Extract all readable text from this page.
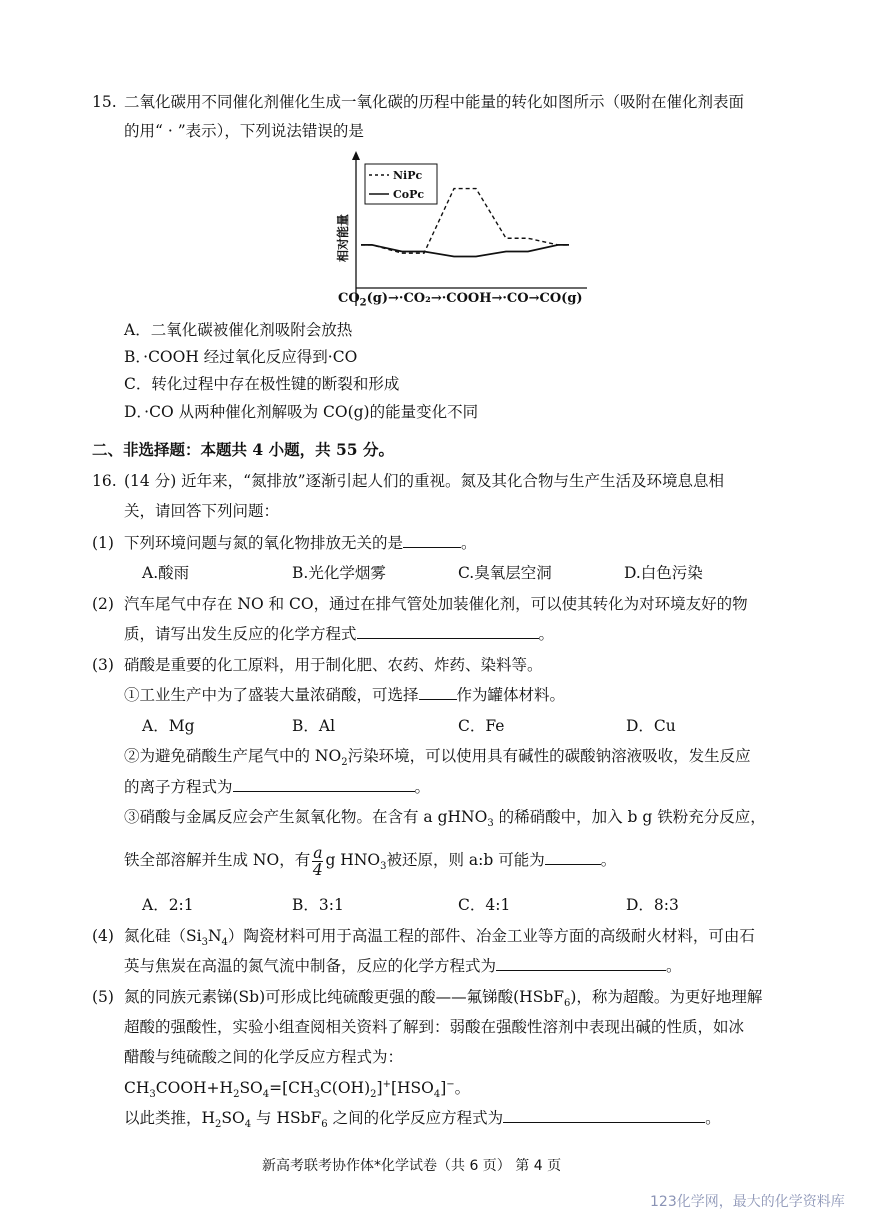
15. 二氧化碳用不同催化剂催化生成一氧化碳的历程中能量的转化如图所示（吸附在催化剂表面
的用“ · ”表示），下列说法错误的是
相对能量
NiPc
CoPc
$CO_2(g)\to\cdot CO_2\to\cdot COOH\to\cdot CO\to CO(g)$
A．二氧化碳被催化剂吸附会放热
B．·COOH 经过氧化反应得到·CO
C．转化过程中存在极性键的断裂和形成
D．·CO 从两种催化剂解吸为 CO(g)的能量变化不同
二、非选择题：本题共 4 小题，共 55 分。
16. (14 分) 近年来，“氮排放”逐渐引起人们的重视。氮及其化合物与生产生活及环境息息相
关，请回答下列问题：
(1) 下列环境问题与氮的氧化物排放无关的是	。
A.酸雨	B.光化学烟雾	C.臭氧层空洞	D.白色污染
(2) 汽车尾气中存在 NO 和 CO，通过在排气管处加装催化剂，可以使其转化为对环境友好的物
质，请写出发生反应的化学方程式	。
(3) 硝酸是重要的化工原料，用于制化肥、农药、炸药、染料等。
①工业生产中为了盛装大量浓硝酸，可选择 作为罐体材料。
A．Mg	B．Al	C．Fe	D．Cu
②为避免硝酸生产尾气中的 $NO_2$污染环境，可以使用具有碱性的碳酸钠溶液吸收，发生反应
的离子方程式为	。
③硝酸与金属反应会产生氮氧化物。在含有 a gHNO$_3$ 的稀硝酸中，加入 b g 铁粉充分反应，
铁全部溶解并生成 NO，有 $\frac{a}{4}$ g $HNO_3$被还原，则 a:b 可能为	。
A．2:1	B．3:1	C．4:1	D．8:3
(4) 氮化硅$(Si_3N_4)$陶瓷材料可用于高温工程的部件、冶金工业等方面的高级耐火材料，可由石
英与焦炭在高温的氮气流中制备，反应的化学方程式为	。
(5) 氮的同族元素锑(Sb)可形成比纯硫酸更强的酸——氟锑酸(HSbF$_6$)，称为超酸。为更好地理解
超酸的强酸性，实验小组查阅相关资料了解到：弱酸在强酸性溶剂中表现出碱的性质，如冰
醋酸与纯硫酸之间的化学反应方程式为：
$CH_3COOH+H_2SO_4=[CH_3C(OH)_2]^+[HSO_4]^-$。
以此类推，$H_2SO_4$ 与 HSbF$_6$ 之间的化学反应方程式为	。
新高考联考协作体*化学试卷（共 6 页） 第 4 页
123化学网，最大的化学资料库
